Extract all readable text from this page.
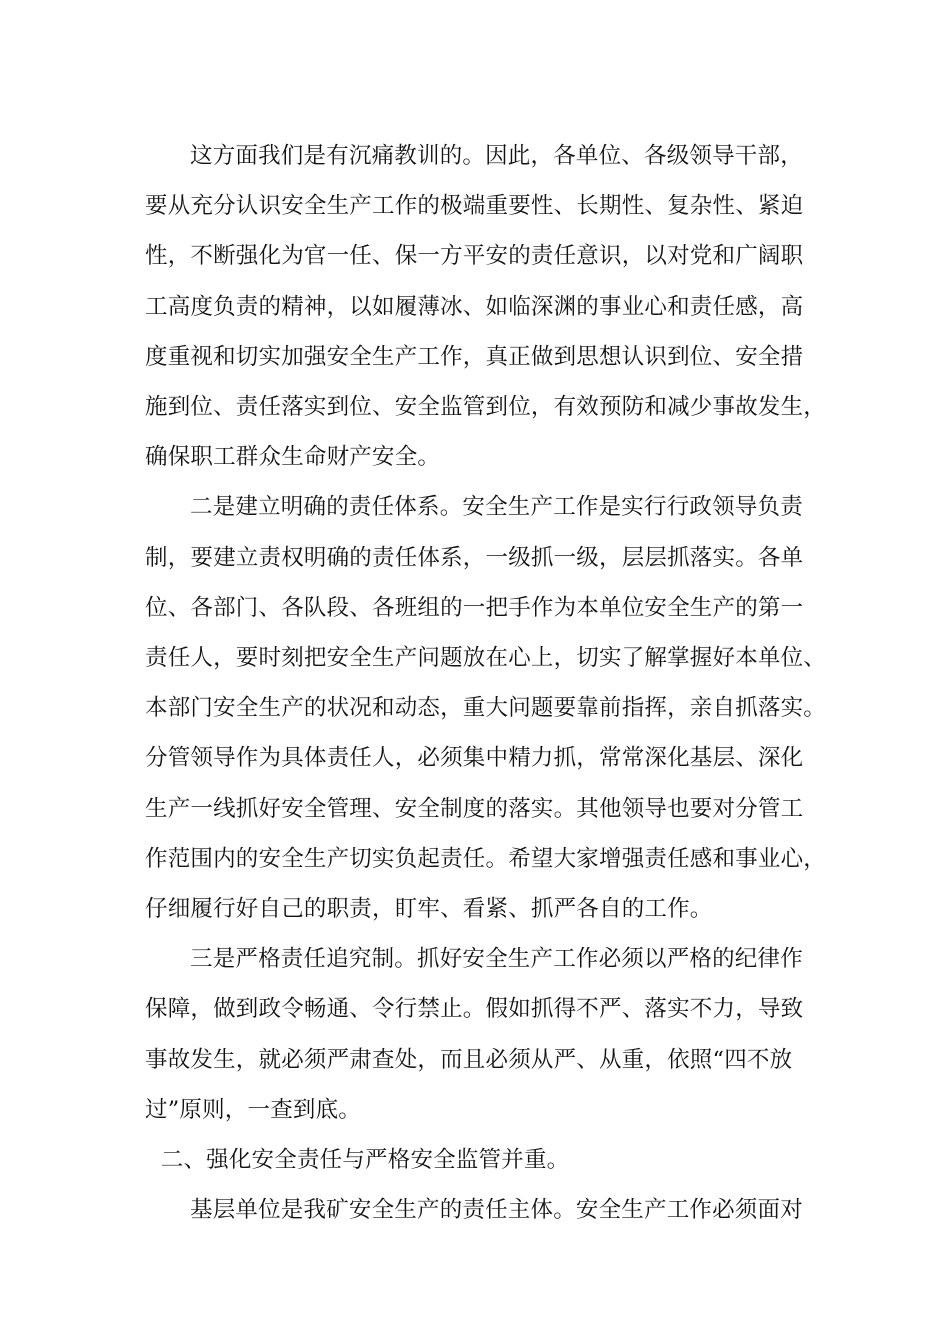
这方面我们是有沉痛教训的。因此，各单位、各级领导干部，
要从充分认识安全生产工作的极端重要性、长期性、复杂性、紧迫
性，不断强化为官一任、保一方平安的责任意识，以对党和广阔职
工高度负责的精神，以如履薄冰、如临深渊的事业心和责任感，高
度重视和切实加强安全生产工作，真正做到思想认识到位、安全措
施到位、责任落实到位、安全监管到位，有效预防和减少事故发生，
确保职工群众生命财产安全。
二是建立明确的责任体系。安全生产工作是实行行政领导负责
制，要建立责权明确的责任体系，一级抓一级，层层抓落实。各单
位、各部门、各队段、各班组的一把手作为本单位安全生产的第一
责任人，要时刻把安全生产问题放在心上，切实了解掌握好本单位、
本部门安全生产的状况和动态，重大问题要靠前指挥，亲自抓落实。
分管领导作为具体责任人，必须集中精力抓，常常深化基层、深化
生产一线抓好安全管理、安全制度的落实。其他领导也要对分管工
作范围内的安全生产切实负起责任。希望大家增强责任感和事业心，
仔细履行好自己的职责，盯牢、看紧、抓严各自的工作。
三是严格责任追究制。抓好安全生产工作必须以严格的纪律作
保障，做到政令畅通、令行禁止。假如抓得不严、落实不力，导致
事故发生，就必须严肃查处，而且必须从严、从重，依照“四不放
过”原则，一查到底。
二、强化安全责任与严格安全监管并重。
基层单位是我矿安全生产的责任主体。安全生产工作必须面对
